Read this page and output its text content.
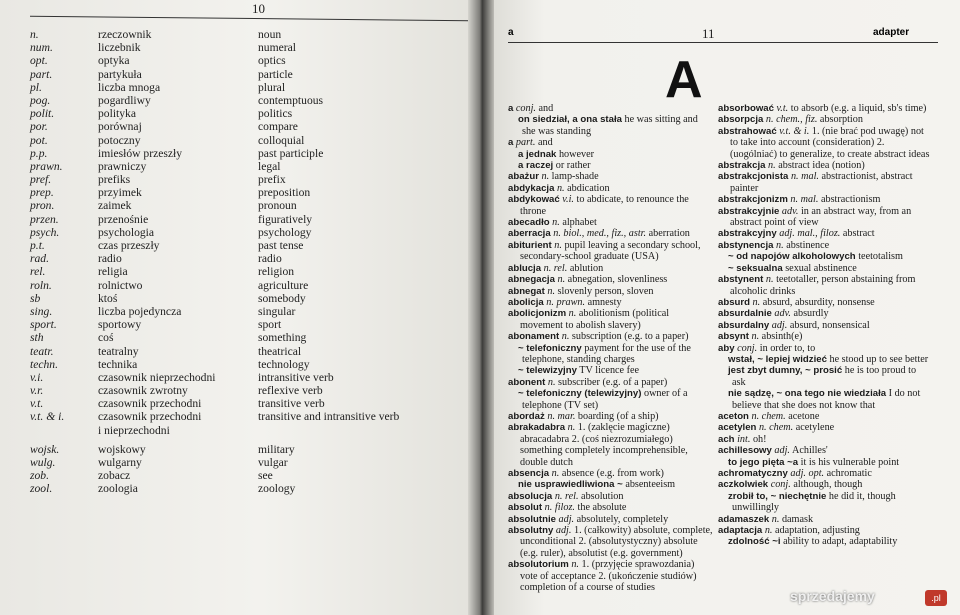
10
n.	rzeczownik	noun
num.	liczebnik	numeral
opt.	optyka	optics
part.	partykuła	particle
pl.	liczba mnoga	plural
pog.	pogardliwy	contemptuous
polit.	polityka	politics
por.	porównaj	compare
pot.	potoczny	colloquial
p.p.	imiesłów przeszły	past participle
prawn.	prawniczy	legal
pref.	prefiks	prefix
prep.	przyimek	preposition
pron.	zaimek	pronoun
przen.	przenośnie	figuratively
psych.	psychologia	psychology
p.t.	czas przeszły	past tense
rad.	radio	radio
rel.	religia	religion
roln.	rolnictwo	agriculture
sb	ktoś	somebody
sing.	liczba pojedyncza	singular
sport.	sportowy	sport
sth	coś	something
teatr.	teatralny	theatrical
techn.	technika	technology
v.i.	czasownik nieprzechodni	intransitive verb
v.r.	czasownik zwrotny	reflexive verb
v.t.	czasownik przechodni	transitive verb
v.t. & i.	czasownik przechodni	transitive and intransitive verb
i nieprzechodni
wojsk.	wojskowy	military
wulg.	wulgarny	vulgar
zob.	zobacz	see
zool.	zoologia	zoology
11
a	adapter
A

a conj. and

on siedział, a ona stała he was sitting and she was standing

a part. and

a jednak however

a raczej or rather

abażur n. lamp-shade

abdykacja n. abdication

abdykować v.i. to abdicate, to renounce the throne

abecadło n. alphabet

aberracja n. biol., med., fiz., astr. aberration

abiturient n. pupil leaving a secondary school, secondary-school graduate (USA)

ablucja n. rel. ablution

abnegacja n. abnegation, slovenliness

abnegat n. slovenly person, sloven

abolicja n. prawn. amnesty

abolicjonizm n. abolitionism (political movement to abolish slavery)

abonament n. subscription (e.g. to a paper)

~ telefoniczny payment for the use of the telephone, standing charges

~ telewizyjny TV licence fee

abonent n. subscriber (e.g. of a paper)

~ telefoniczny (telewizyjny) owner of a telephone (TV set)

abordaż n. mar. boarding (of a ship)

abrakadabra n. 1. (zaklęcie magiczne) abracadabra 2. (coś niezrozumiałego) something completely incomprehensible, double dutch

absencja n. absence (e.g. from work)

nie usprawiedliwiona ~ absenteeism

absolucja n. rel. absolution

absolut n. filoz. the absolute

absolutnie adj. absolutely, completely

absolutny adj. 1. (całkowity) absolute, complete, unconditional 2. (absolutystyczny) absolute (e.g. ruler), absolutist (e.g. government)

absolutorium n. 1. (przyjęcie sprawozdania) vote of acceptance 2. (ukończenie studiów) completion of a course of studies

absorbować v.t. to absorb (e.g. a liquid, sb's time)

absorpcja n. chem., fiz. absorption

abstrahować v.t. & i. 1. (nie brać pod uwagę) not to take into account (consideration) 2. (uogólniać) to generalize, to create abstract ideas

abstrakcja n. abstract idea (notion)

abstrakcjonista n. mal. abstractionist, abstract painter

abstrakcjonizm n. mal. abstractionism

abstrakcyjnie adv. in an abstract way, from an abstract point of view

abstrakcyjny adj. mal., filoz. abstract

abstynencja n. abstinence

~ od napojów alkoholowych teetotalism

~ seksualna sexual abstinence

abstynent n. teetotaller, person abstaining from alcoholic drinks

absurd n. absurd, absurdity, nonsense

absurdalnie adv. absurdly

absurdalny adj. absurd, nonsensical

absynt n. absinth(e)

aby conj. in order to, to

wstał, ~ lepiej widzieć he stood up to see better

jest zbyt dumny, ~ prosić he is too proud to ask

nie sądzę, ~ ona tego nie wiedziała I do not believe that she does not know that

aceton n. chem. acetone

acetylen n. chem. acetylene

ach int. oh!

achillesowy adj. Achilles'

to jego pięta ~a it is his vulnerable point

achromatyczny adj. opt. achromatic

aczkolwiek conj. although, though

zrobił to, ~ niechętnie he did it, though unwillingly

adamaszek n. damask

adaptacja n. adaptation, adjusting

zdolność ~i ability to adapt, adaptability

sprzedajemy	.pl
